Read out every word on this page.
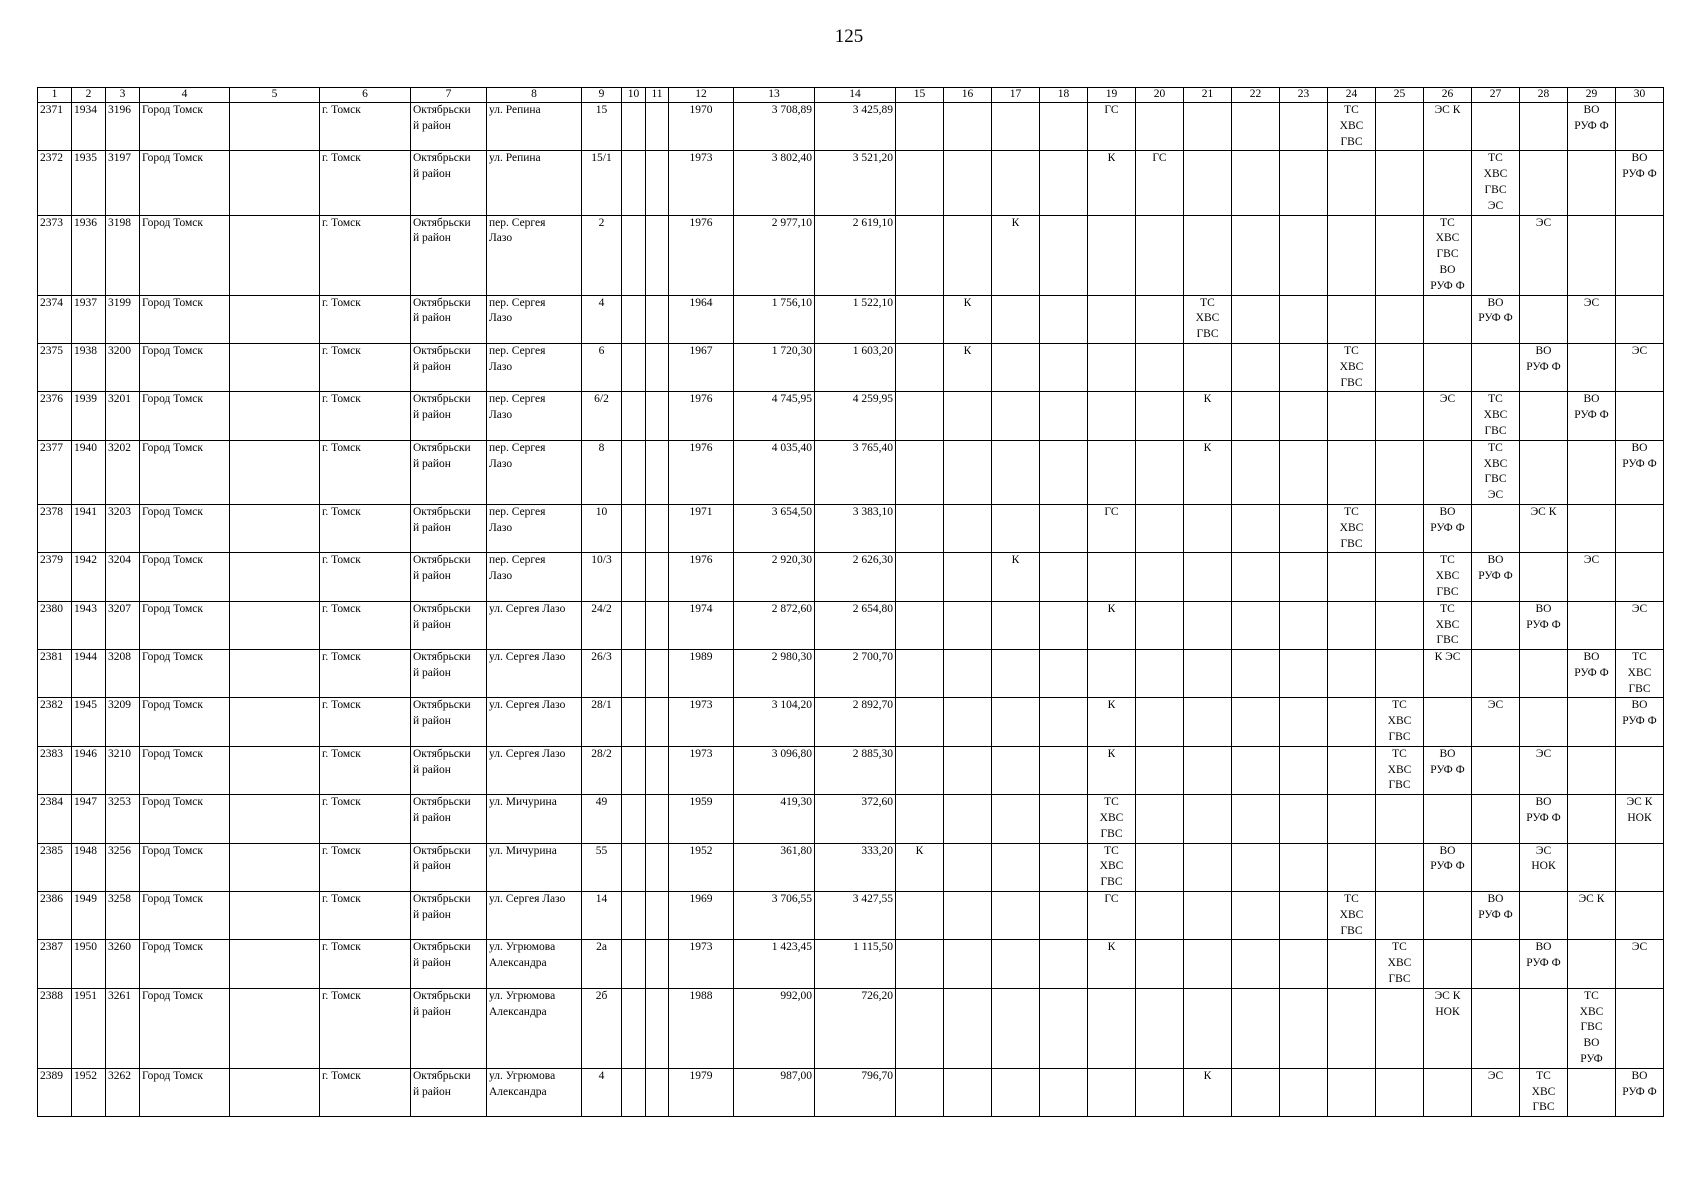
125
1	2	3	4	5	6	7	8	9	10	11	12	13	14	15	16	17	18	19	20	21	22	23	24	25	26	27	28	29	30
2371	1934	3196	Город Томск		г. Томск	Октябрьски
й район	ул. Репина	15			1970	3 708,89	3 425,89					ГС					ТС
ХВС
ГВС		ЭС К			ВО
РУФ Ф	
2372	1935	3197	Город Томск		г. Томск	Октябрьски
й район	ул. Репина	15/1			1973	3 802,40	3 521,20					К	ГС							ТС
ХВС
ГВС
ЭС			ВО
РУФ Ф
2373	1936	3198	Город Томск		г. Томск	Октябрьски
й район	пер. Сергея
Лазо	2			1976	2 977,10	2 619,10			К									ТС
ХВС
ГВС
ВО
РУФ Ф		ЭС		
2374	1937	3199	Город Томск		г. Томск	Октябрьски
й район	пер. Сергея
Лазо	4			1964	1 756,10	1 522,10		К					ТС
ХВС
ГВС						ВО
РУФ Ф		ЭС	
2375	1938	3200	Город Томск		г. Томск	Октябрьски
й район	пер. Сергея
Лазо	6			1967	1 720,30	1 603,20		К								ТС
ХВС
ГВС				ВО
РУФ Ф		ЭС
2376	1939	3201	Город Томск		г. Томск	Октябрьски
й район	пер. Сергея
Лазо	6/2			1976	4 745,95	4 259,95							К					ЭС	ТС
ХВС
ГВС		ВО
РУФ Ф	
2377	1940	3202	Город Томск		г. Томск	Октябрьски
й район	пер. Сергея
Лазо	8			1976	4 035,40	3 765,40							К						ТС
ХВС
ГВС
ЭС			ВО
РУФ Ф
2378	1941	3203	Город Томск		г. Томск	Октябрьски
й район	пер. Сергея
Лазо	10			1971	3 654,50	3 383,10					ГС					ТС
ХВС
ГВС		ВО
РУФ Ф		ЭС К		
2379	1942	3204	Город Томск		г. Томск	Октябрьски
й район	пер. Сергея
Лазо	10/3			1976	2 920,30	2 626,30			К									ТС
ХВС
ГВС	ВО
РУФ Ф		ЭС	
2380	1943	3207	Город Томск		г. Томск	Октябрьски
й район	ул. Сергея Лазо	24/2			1974	2 872,60	2 654,80					К							ТС
ХВС
ГВС		ВО
РУФ Ф		ЭС
2381	1944	3208	Город Томск		г. Томск	Октябрьски
й район	ул. Сергея Лазо	26/3			1989	2 980,30	2 700,70												К ЭС			ВО
РУФ Ф	ТС
ХВС
ГВС
2382	1945	3209	Город Томск		г. Томск	Октябрьски
й район	ул. Сергея Лазо	28/1			1973	3 104,20	2 892,70					К						ТС
ХВС
ГВС		ЭС			ВО
РУФ Ф
2383	1946	3210	Город Томск		г. Томск	Октябрьски
й район	ул. Сергея Лазо	28/2			1973	3 096,80	2 885,30					К						ТС
ХВС
ГВС	ВО
РУФ Ф		ЭС		
2384	1947	3253	Город Томск		г. Томск	Октябрьски
й район	ул. Мичурина	49			1959	419,30	372,60					ТС
ХВС
ГВС									ВО
РУФ Ф		ЭС К
НОК
2385	1948	3256	Город Томск		г. Томск	Октябрьски
й район	ул. Мичурина	55			1952	361,80	333,20	К				ТС
ХВС
ГВС							ВО
РУФ Ф		ЭС
НОК		
2386	1949	3258	Город Томск		г. Томск	Октябрьски
й район	ул. Сергея Лазо	14			1969	3 706,55	3 427,55					ГС					ТС
ХВС
ГВС			ВО
РУФ Ф		ЭС К	
2387	1950	3260	Город Томск		г. Томск	Октябрьски
й район	ул. Угрюмова
Александра	2а			1973	1 423,45	1 115,50					К						ТС
ХВС
ГВС			ВО
РУФ Ф		ЭС
2388	1951	3261	Город Томск		г. Томск	Октябрьски
й район	ул. Угрюмова
Александра	2б			1988	992,00	726,20												ЭС К
НОК			ТС
ХВС
ГВС
ВО
РУФ	
2389	1952	3262	Город Томск		г. Томск	Октябрьски
й район	ул. Угрюмова
Александра	4			1979	987,00	796,70							К						ЭС	ТС
ХВС
ГВС		ВО
РУФ Ф
